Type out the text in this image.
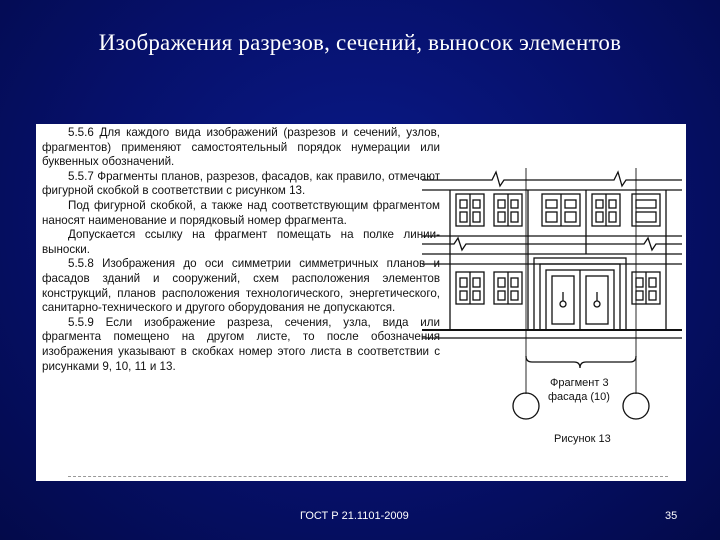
Изображения разрезов, сечений, выносок элементов

5.5.6 Для каждого вида изображений (разрезов и сечений, узлов, фрагментов) применяют самостоятельный порядок нумерации или буквенных обозначений.

5.5.7 Фрагменты планов, разрезов, фасадов, как правило, отмечают фигурной скобкой в соответствии с рисунком 13.

Под фигурной скобкой, а также над соответствующим фрагментом наносят наименование и порядковый номер фрагмента.

Допускается ссылку на фрагмент помещать на полке линии-выноски.

5.5.8 Изображения до оси симметрии симметричных планов и фасадов зданий и сооружений, схем расположения элементов конструкций, планов расположения технологического, энергетического, санитарно-технического и другого оборудования не допускаются.

5.5.9 Если изображение разреза, сечения, узла, вида или фрагмента помещено на другом листе, то после обозначения изображения указывают в скобках номер этого листа в соответствии с рисунками 9, 10, 11 и 13.

Фрагмент 3
фасада (10)
Рисунок 13
ГОСТ Р 21.1101-2009	35
